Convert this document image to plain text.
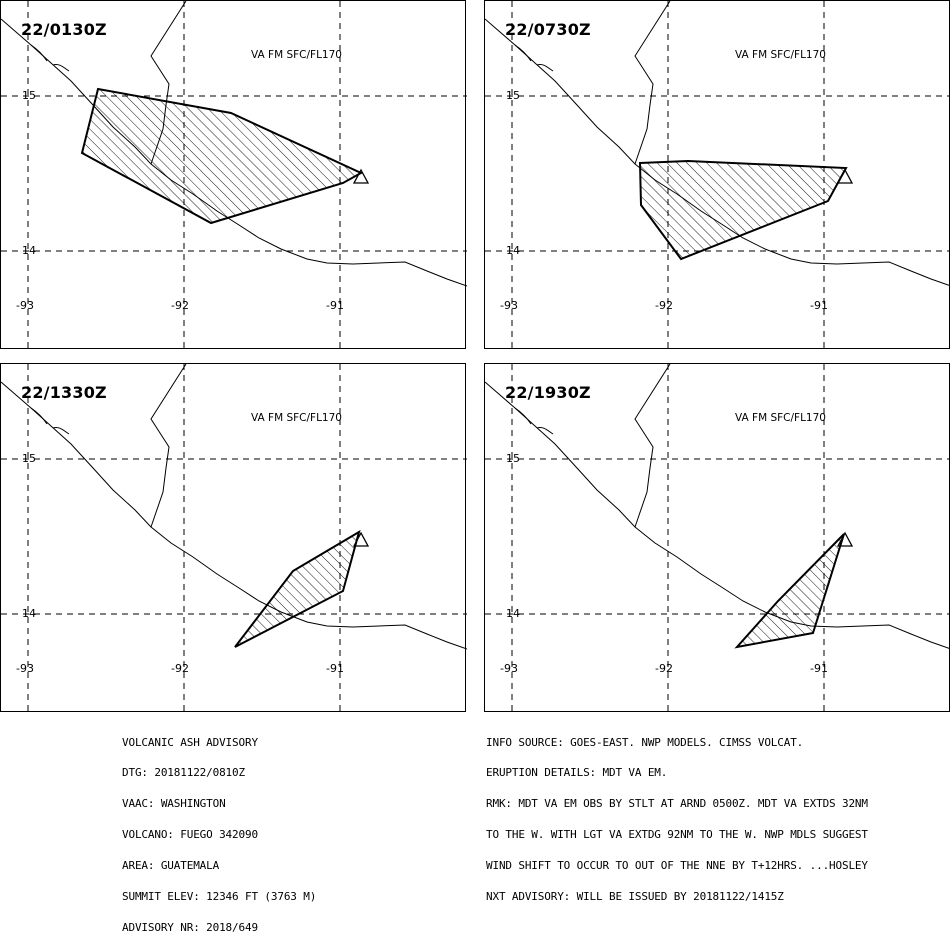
22/0130Z
VA FM SFC/FL170
15
14
-93	-92	-91
22/0730Z
VA FM SFC/FL170
15
14
-93	-92	-91
22/1330Z
VA FM SFC/FL170
15
14
-93	-92	-91
22/1930Z
VA FM SFC/FL170
15
14
-93	-92	-91

VOLCANIC ASH ADVISORY

DTG: 20181122/0810Z

VAAC: WASHINGTON

VOLCANO: FUEGO 342090

AREA: GUATEMALA

SUMMIT ELEV: 12346 FT (3763 M)

ADVISORY NR: 2018/649

INFO SOURCE: GOES-EAST. NWP MODELS. CIMSS VOLCAT.

ERUPTION DETAILS: MDT VA EM.

RMK: MDT VA EM OBS BY STLT AT ARND 0500Z. MDT VA EXTDS 32NM

TO THE W. WITH LGT VA EXTDG 92NM TO THE W. NWP MDLS SUGGEST

WIND SHIFT TO OCCUR TO OUT OF THE NNE BY T+12HRS. ...HOSLEY

NXT ADVISORY: WILL BE ISSUED BY 20181122/1415Z
